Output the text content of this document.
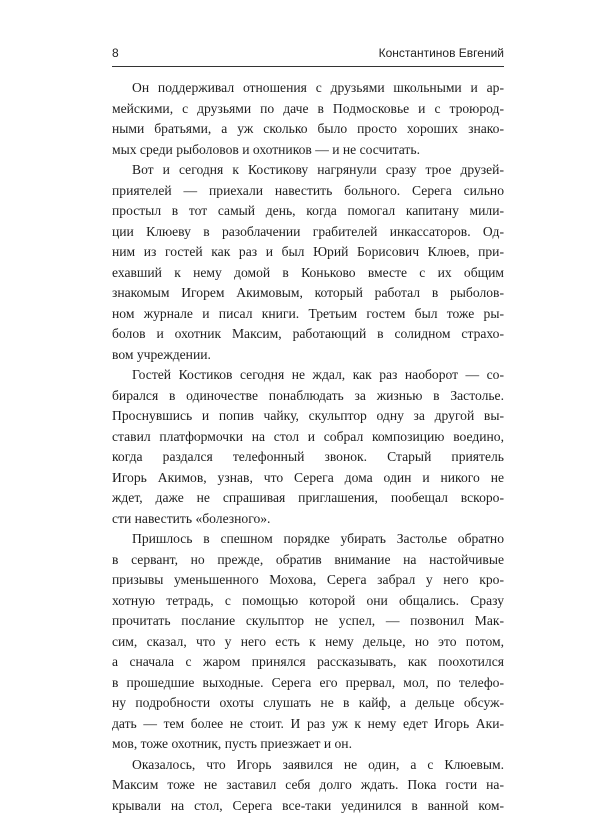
8	Константинов Евгений
Он поддерживал отношения с друзьями школьными и ар-
мейскими, с друзьями по даче в Подмосковье и с троюрод-
ными братьями, а уж сколько было просто хороших знако-
мых среди рыболовов и охотников — и не сосчитать.
Вот и сегодня к Костикову нагрянули сразу трое друзей-
приятелей — приехали навестить больного. Серега сильно
простыл в тот самый день, когда помогал капитану мили-
ции Клюеву в разоблачении грабителей инкассаторов. Од-
ним из гостей как раз и был Юрий Борисович Клюев, при-
ехавший к нему домой в Коньково вместе с их общим
знакомым Игорем Акимовым, который работал в рыболов-
ном журнале и писал книги. Третьим гостем был тоже ры-
болов и охотник Максим, работающий в солидном страхо-
вом учреждении.
Гостей Костиков сегодня не ждал, как раз наоборот — со-
бирался в одиночестве понаблюдать за жизнью в Застолье.
Проснувшись и попив чайку, скульптор одну за другой вы-
ставил платформочки на стол и собрал композицию воедино,
когда раздался телефонный звонок. Старый приятель
Игорь Акимов, узнав, что Серега дома один и никого не
ждет, даже не спрашивая приглашения, пообещал вскоро-
сти навестить «болезного».
Пришлось в спешном порядке убирать Застолье обратно
в сервант, но прежде, обратив внимание на настойчивые
призывы уменьшенного Мохова, Серега забрал у него кро-
хотную тетрадь, с помощью которой они общались. Сразу
прочитать послание скульптор не успел, — позвонил Мак-
сим, сказал, что у него есть к нему дельце, но это потом,
а сначала с жаром принялся рассказывать, как поохотился
в прошедшие выходные. Серега его прервал, мол, по телефо-
ну подробности охоты слушать не в кайф, а дельце обсуж-
дать — тем более не стоит. И раз уж к нему едет Игорь Аки-
мов, тоже охотник, пусть приезжает и он.
Оказалось, что Игорь заявился не один, а с Клюевым.
Максим тоже не заставил себя долго ждать. Пока гости на-
крывали на стол, Серега все-таки уединился в ванной ком-
